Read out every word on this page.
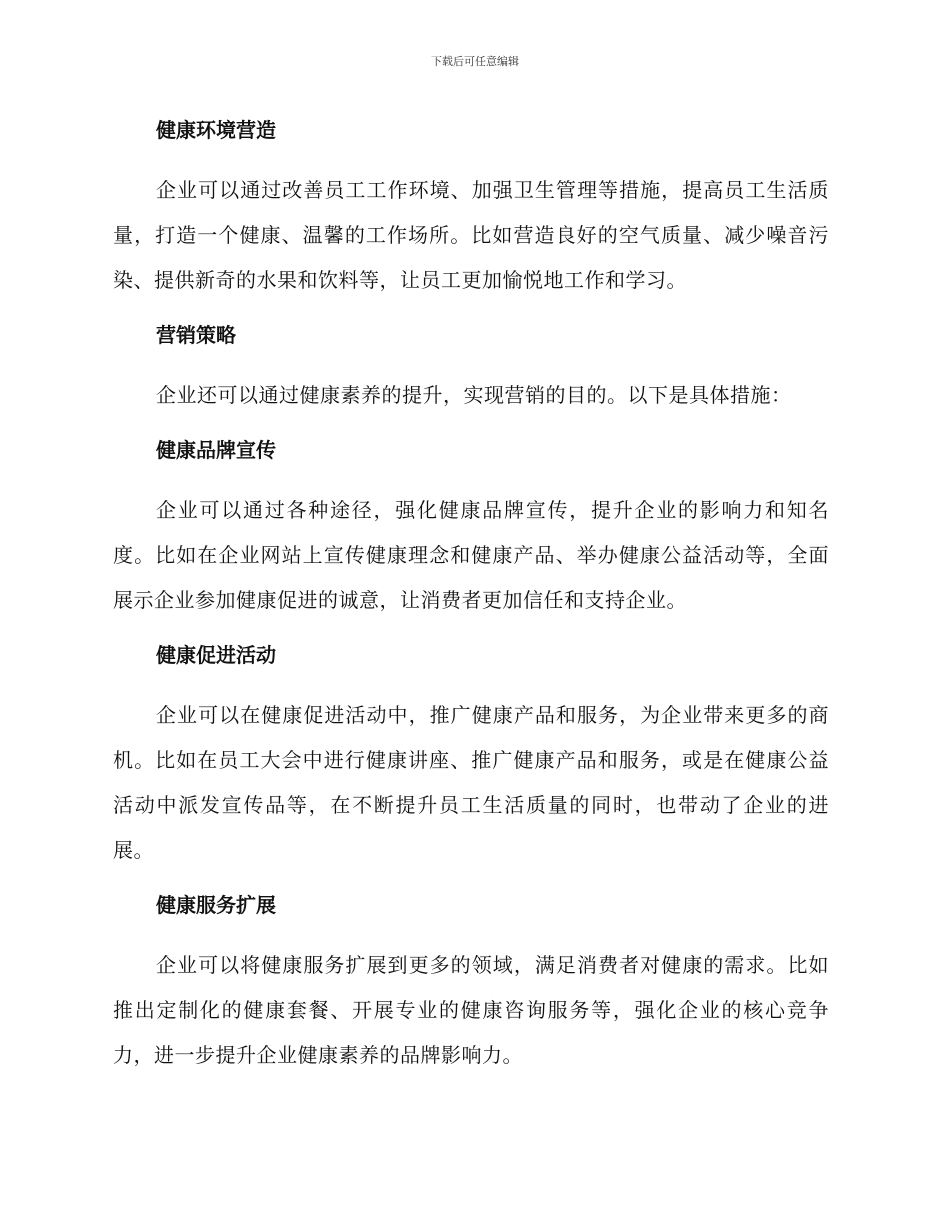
下载后可任意编辑
健康环境营造

企业可以通过改善员工工作环境、加强卫生管理等措施，提高员工生活质量，打造一个健康、温馨的工作场所。比如营造良好的空气质量、减少噪音污染、提供新奇的水果和饮料等，让员工更加愉悦地工作和学习。

营销策略

企业还可以通过健康素养的提升，实现营销的目的。以下是具体措施：

健康品牌宣传

企业可以通过各种途径，强化健康品牌宣传，提升企业的影响力和知名度。比如在企业网站上宣传健康理念和健康产品、举办健康公益活动等，全面展示企业参加健康促进的诚意，让消费者更加信任和支持企业。

健康促进活动

企业可以在健康促进活动中，推广健康产品和服务，为企业带来更多的商机。比如在员工大会中进行健康讲座、推广健康产品和服务，或是在健康公益活动中派发宣传品等，在不断提升员工生活质量的同时，也带动了企业的进展。

健康服务扩展

企业可以将健康服务扩展到更多的领域，满足消费者对健康的需求。比如推出定制化的健康套餐、开展专业的健康咨询服务等，强化企业的核心竞争力，进一步提升企业健康素养的品牌影响力。
